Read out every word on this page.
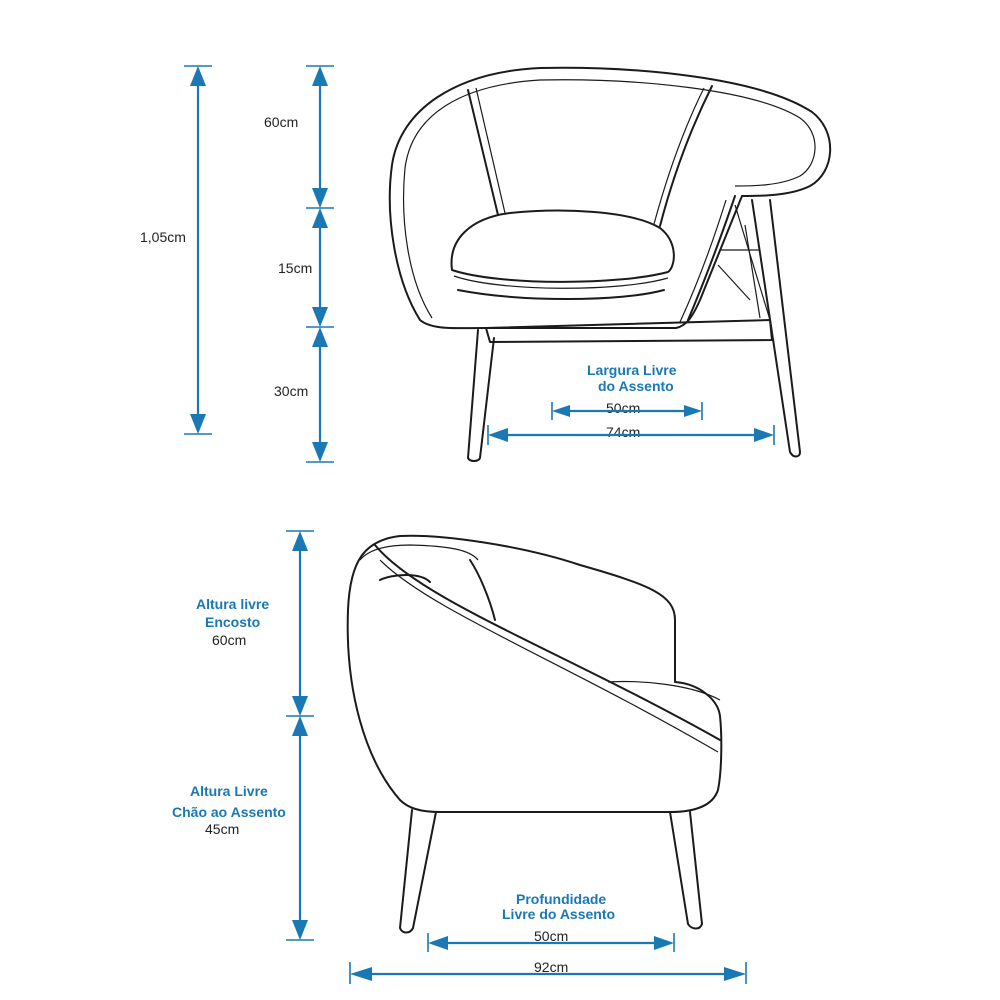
1,05cm
60cm
15cm
30cm
Largura Livre
do Assento
50cm
74cm
Altura livre
Encosto
60cm
Altura Livre
Chão ao Assento
45cm
Profundidade
Livre do Assento
50cm
92cm
